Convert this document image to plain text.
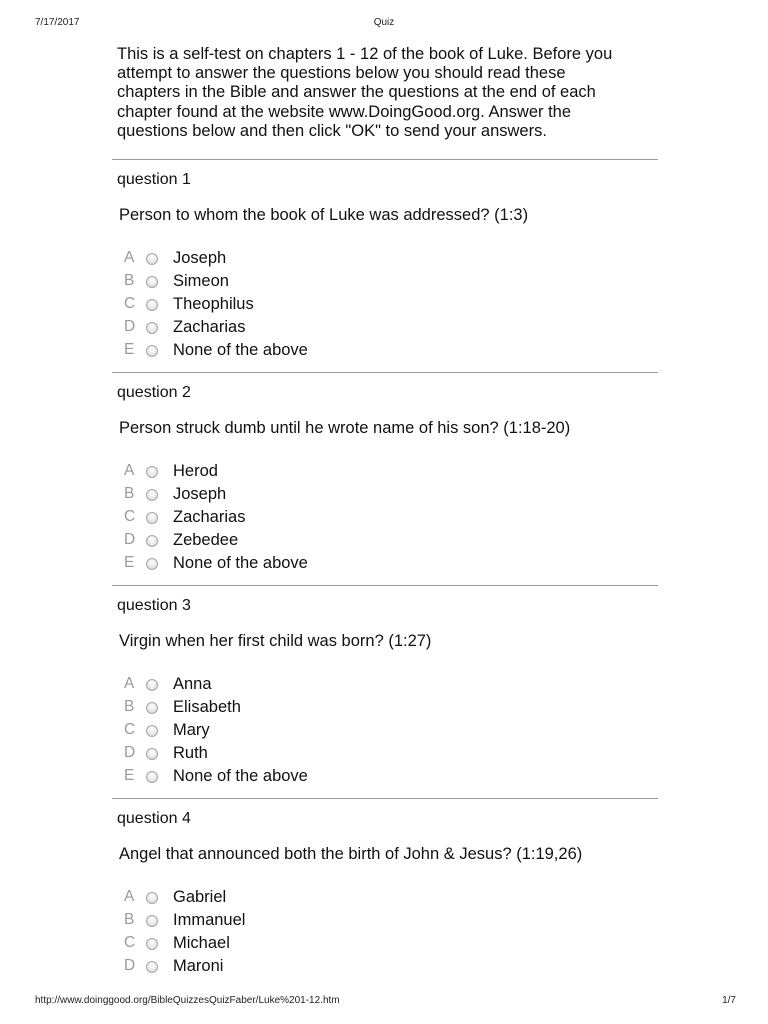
7/17/2017	Quiz
This is a self-test on chapters 1 - 12 of the book of Luke. Before you
attempt to answer the questions below you should read these
chapters in the Bible and answer the questions at the end of each
chapter found at the website www.DoingGood.org. Answer the
questions below and then click "OK" to send your answers.
question 1
Person to whom the book of Luke was addressed? (1:3)
A Joseph
B Simeon
C Theophilus
D Zacharias
E None of the above
question 2
Person struck dumb until he wrote name of his son? (1:18-20)
A Herod
B Joseph
C Zacharias
D Zebedee
E None of the above
question 3
Virgin when her first child was born? (1:27)
A Anna
B Elisabeth
C Mary
D Ruth
E None of the above
question 4
Angel that announced both the birth of John & Jesus? (1:19,26)
A Gabriel
B Immanuel
C Michael
D Maroni
http://www.doinggood.org/BibleQuizzesQuizFaber/Luke%201-12.htm	1/7
